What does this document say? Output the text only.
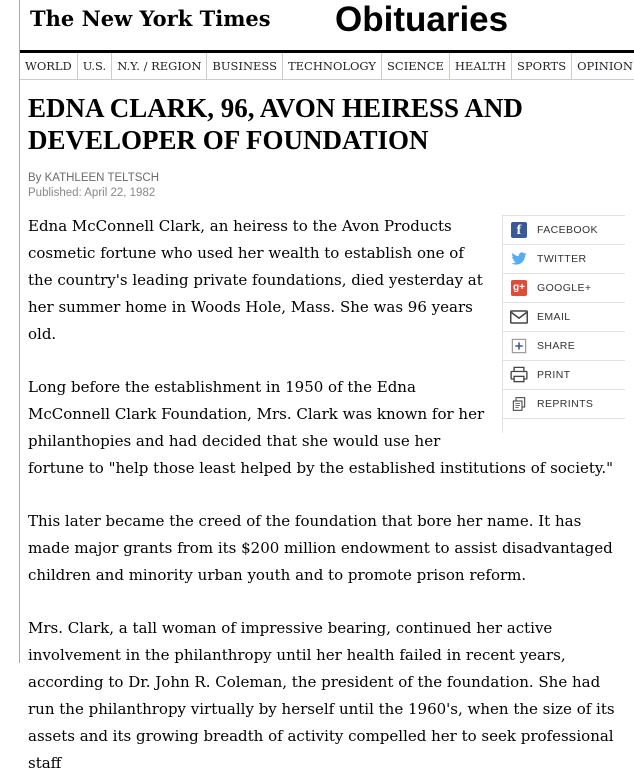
The New York Times Obituaries
WORLD U.S. N.Y. / REGION BUSINESS TECHNOLOGY SCIENCE HEALTH SPORTS OPINION
EDNA CLARK, 96, AVON HEIRESS AND DEVELOPER OF FOUNDATION
By KATHLEEN TELTSCH
Published: April 22, 1982
f FACEBOOK
TWITTER
g+ GOOGLE+
EMAIL
SHARE
PRINT
REPRINTS

Edna McConnell Clark, an heiress to the Avon Products cosmetic fortune who used her wealth to establish one of the country's leading private foundations, died yesterday at her summer home in Woods Hole, Mass. She was 96 years old.

Long before the establishment in 1950 of the Edna McConnell Clark Foundation, Mrs. Clark was known for her philanthopies and had decided that she would use her fortune to "help those least helped by the established institutions of society."

This later became the creed of the foundation that bore her name. It has made major grants from its $200 million endowment to assist disadvantaged children and minority urban youth and to promote prison reform.

Mrs. Clark, a tall woman of impressive bearing, continued her active involvement in the philanthropy until her health failed in recent years, according to Dr. John R. Coleman, the president of the foundation. She had run the philanthropy virtually by herself until the 1960's, when the size of its assets and its growing breadth of activity compelled her to seek professional staff
